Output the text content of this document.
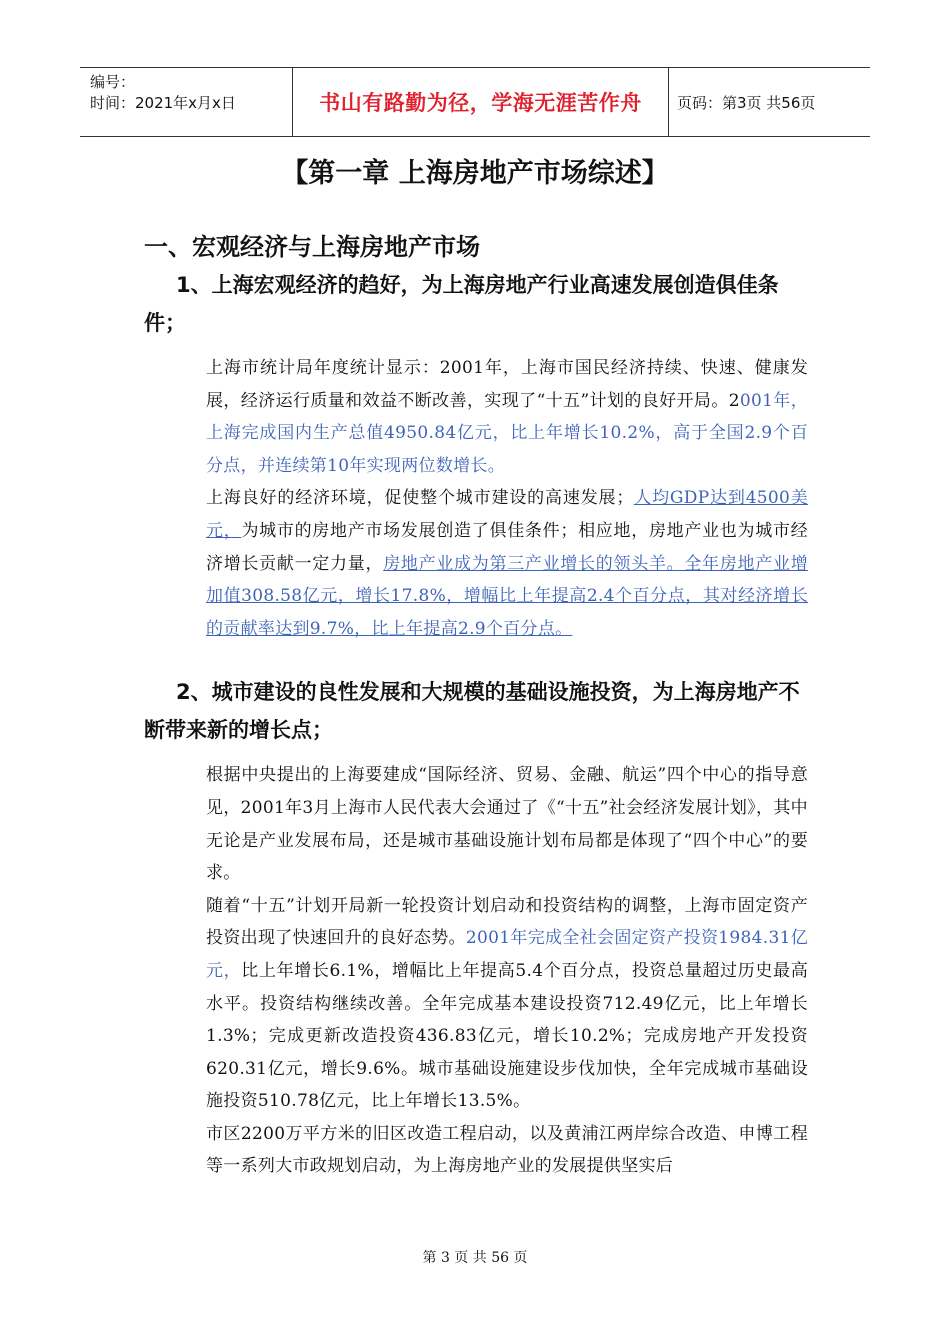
编号：
时间：2021年x月x日	书山有路勤为径，学海无涯苦作舟 页码：第3页 共56页
【第一章 上海房地产市场综述】

一、宏观经济与上海房地产市场

1、上海宏观经济的趋好，为上海房地产行业高速发展创造俱佳条件；

上海市统计局年度统计显示：2001年，上海市国民经济持续、快速、健康发展，经济运行质量和效益不断改善，实现了“十五”计划的良好开局。2001年，上海完成国内生产总值4950.84亿元，比上年增长10.2%，高于全国2.9个百分点，并连续第10年实现两位数增长。

上海良好的经济环境，促使整个城市建设的高速发展；人均GDP达到4500美元，为城市的房地产市场发展创造了俱佳条件；相应地，房地产业也为城市经济增长贡献一定力量，房地产业成为第三产业增长的领头羊。全年房地产业增加值308.58亿元，增长17.8%，增幅比上年提高2.4个百分点，其对经济增长的贡献率达到9.7%，比上年提高2.9个百分点。

2、城市建设的良性发展和大规模的基础设施投资，为上海房地产不断带来新的增长点；

根据中央提出的上海要建成“国际经济、贸易、金融、航运”四个中心的指导意见，2001年3月上海市人民代表大会通过了《“十五”社会经济发展计划》，其中无论是产业发展布局，还是城市基础设施计划布局都是体现了“四个中心”的要求。

随着“十五”计划开局新一轮投资计划启动和投资结构的调整，上海市固定资产投资出现了快速回升的良好态势。2001年完成全社会固定资产投资1984.31亿元，比上年增长6.1%，增幅比上年提高5.4个百分点，投资总量超过历史最高水平。投资结构继续改善。全年完成基本建设投资712.49亿元，比上年增长1.3%；完成更新改造投资436.83亿元，增长10.2%；完成房地产开发投资620.31亿元，增长9.6%。城市基础设施建设步伐加快，全年完成城市基础设施投资510.78亿元，比上年增长13.5%。

市区2200万平方米的旧区改造工程启动，以及黄浦江两岸综合改造、申博工程等一系列大市政规划启动，为上海房地产业的发展提供坚实后

第 3 页 共 56 页
